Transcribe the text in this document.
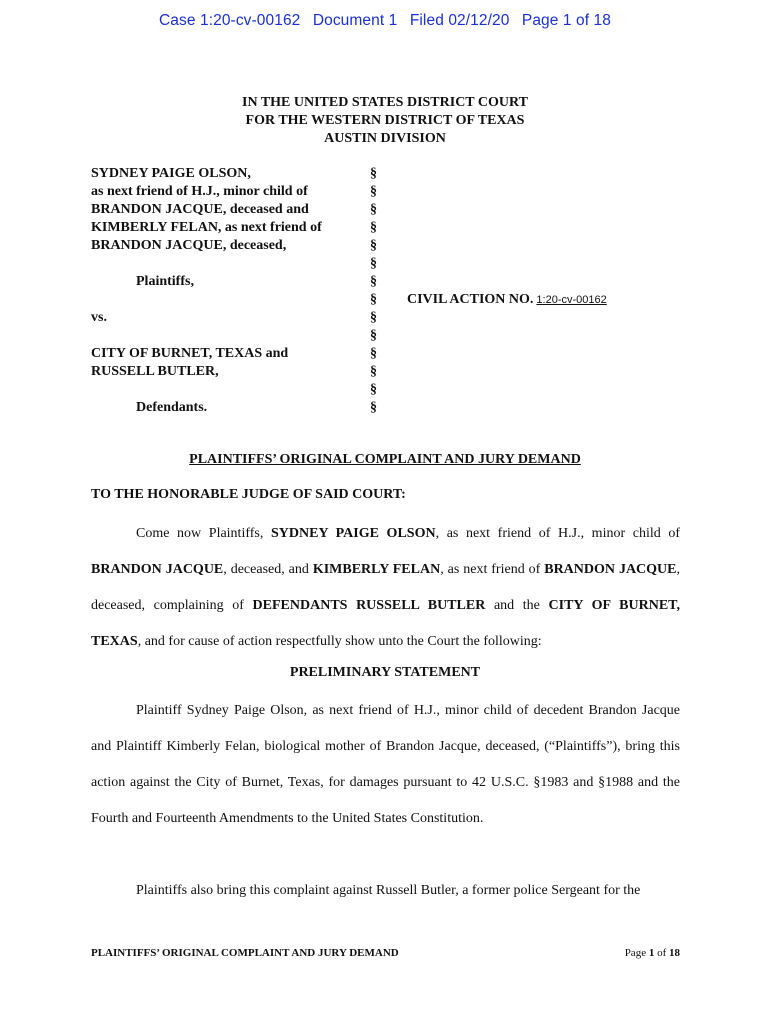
Case 1:20-cv-00162 Document 1 Filed 02/12/20 Page 1 of 18
IN THE UNITED STATES DISTRICT COURT
FOR THE WESTERN DISTRICT OF TEXAS
AUSTIN DIVISION
SYDNEY PAIGE OLSON,
as next friend of H.J., minor child of
BRANDON JACQUE, deceased and
KIMBERLY FELAN, as next friend of
BRANDON JACQUE, deceased,

Plaintiffs,

vs.

CITY OF BURNET, TEXAS and
RUSSELL BUTLER,

Defendants.
§
§
§
§
§
§
§
§
§
§
§
§
§
§
CIVIL ACTION NO. 1:20-cv-00162
PLAINTIFFS’ ORIGINAL COMPLAINT AND JURY DEMAND
TO THE HONORABLE JUDGE OF SAID COURT:

Come now Plaintiffs, SYDNEY PAIGE OLSON, as next friend of H.J., minor child of BRANDON JACQUE, deceased, and KIMBERLY FELAN, as next friend of BRANDON JACQUE, deceased, complaining of DEFENDANTS RUSSELL BUTLER and the CITY OF BURNET, TEXAS, and for cause of action respectfully show unto the Court the following:

PRELIMINARY STATEMENT

Plaintiff Sydney Paige Olson, as next friend of H.J., minor child of decedent Brandon Jacque and Plaintiff Kimberly Felan, biological mother of Brandon Jacque, deceased, (“Plaintiffs”), bring this action against the City of Burnet, Texas, for damages pursuant to 42 U.S.C. §1983 and §1988 and the Fourth and Fourteenth Amendments to the United States Constitution.

Plaintiffs also bring this complaint against Russell Butler, a former police Sergeant for the

PLAINTIFFS’ ORIGINAL COMPLAINT AND JURY DEMAND	Page 1 of 18
